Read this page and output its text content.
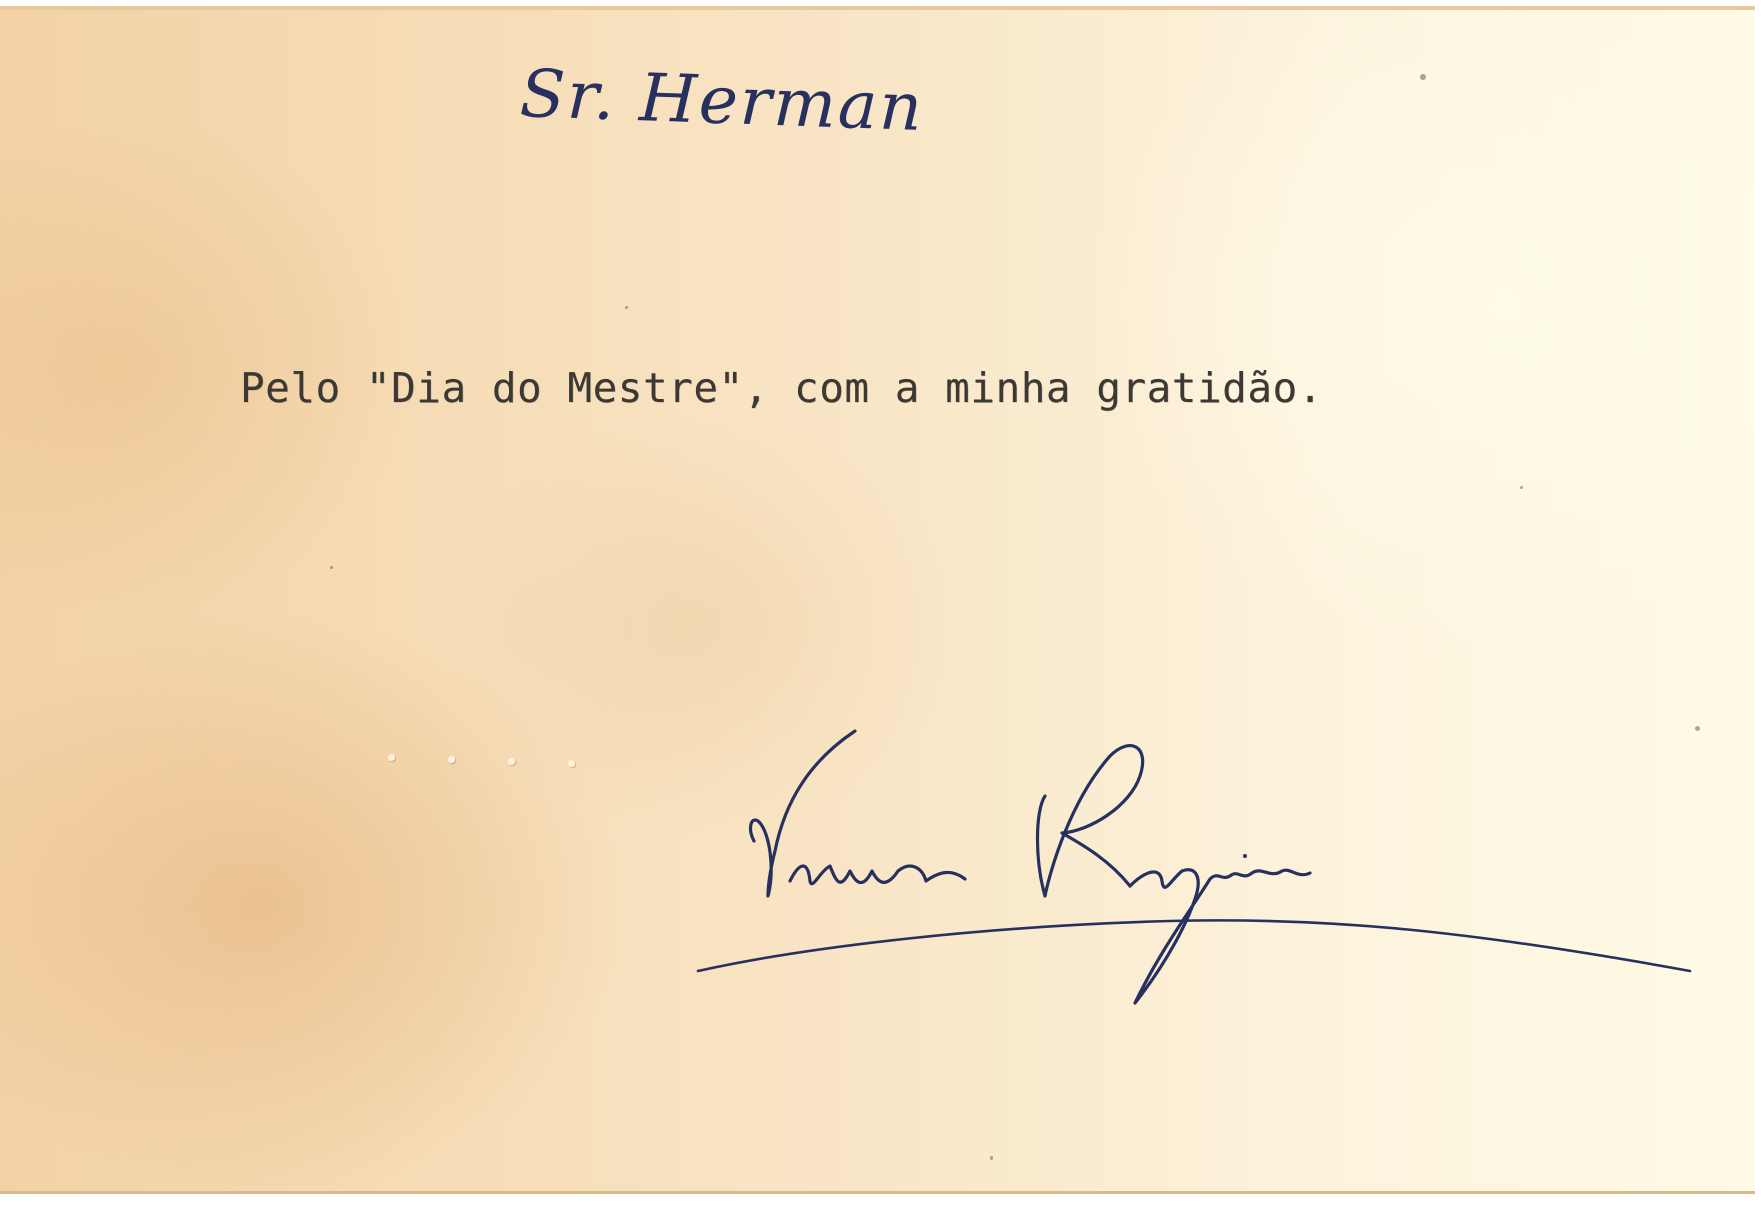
Sr. Herman

Pelo "Dia do Mestre", com a minha gratidão.
